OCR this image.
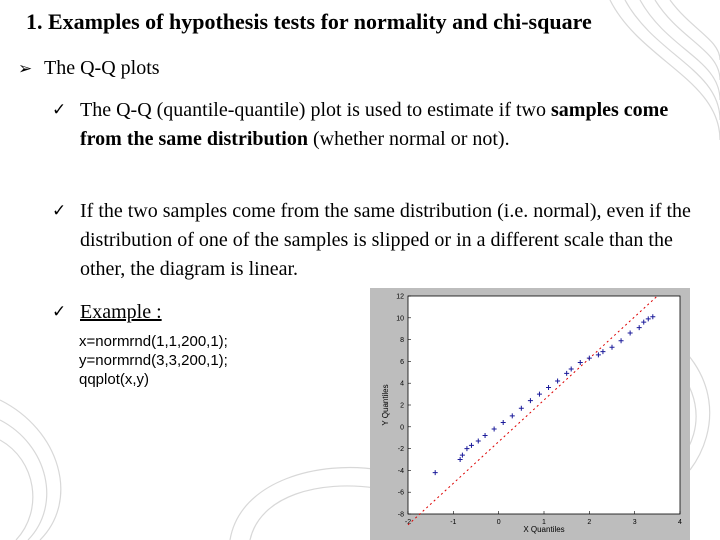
1. Examples of hypothesis tests for normality and chi-square
➢ The Q-Q plots
✓ The Q-Q (quantile-quantile) plot is used to estimate if two samples come from the same distribution (whether normal or not).
✓ If the two samples come from the same distribution (i.e. normal), even if the distribution of one of the samples is slipped or in a different scale than the other, the diagram is linear.
✓ Example :
x=normrnd(1,1,200,1);
y=normrnd(3,3,200,1);
qqplot(x,y)
-2	-1	0	1	2	3	4
-8
-6
-4
-2
0
2
4
6
8
10
12
X Quantiles
Y Quantiles
